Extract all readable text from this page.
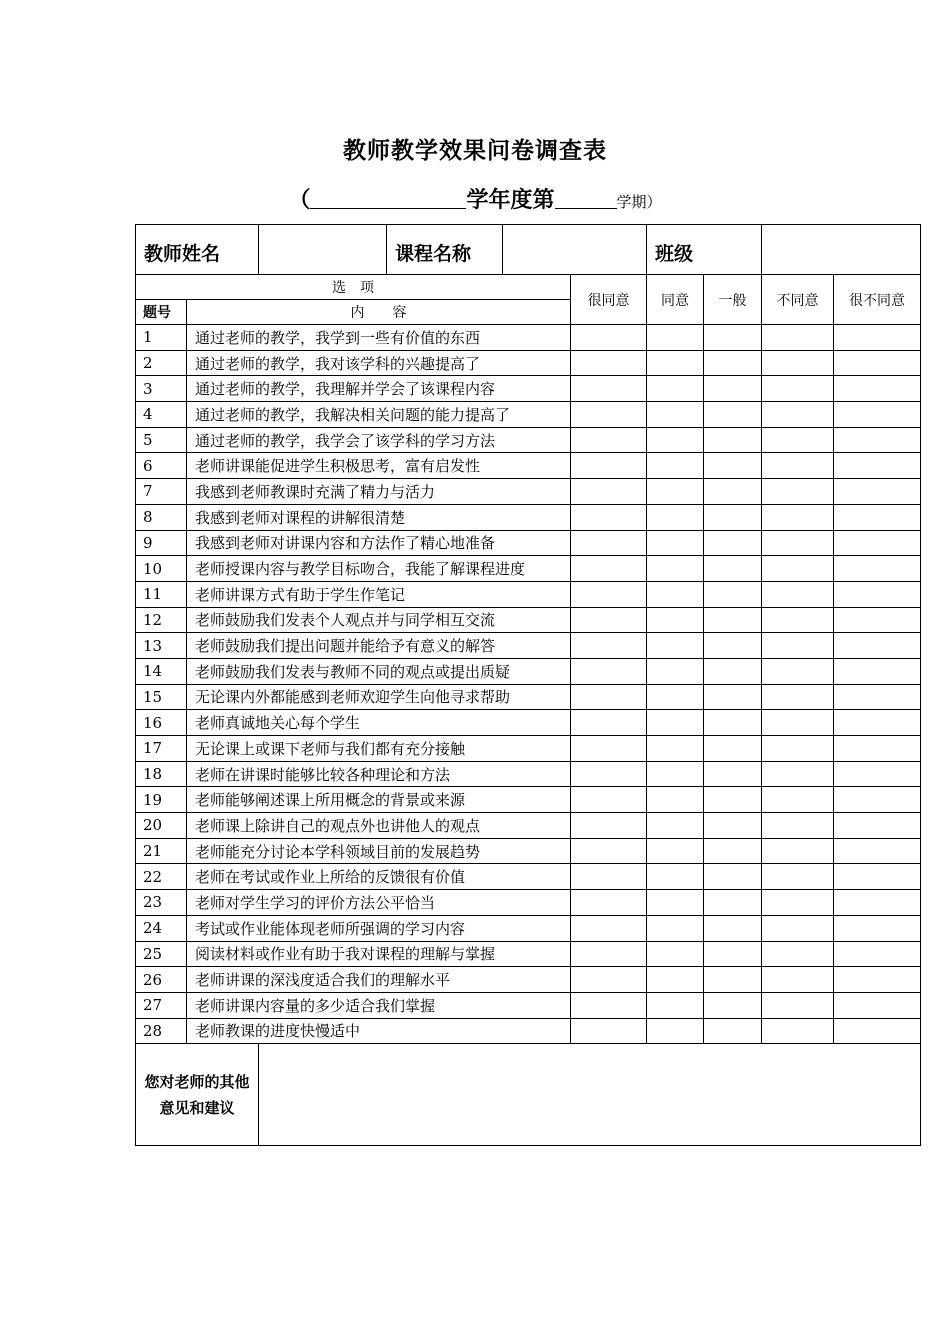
教师教学效果问卷调查表
（	学年度第	学期）
教师姓名			课程名称			班级			
选　项					很同意	同意	一般	不同意	很不同意
题号	内　　容								
1	通过老师的教学，我学到一些有价值的东西								
2	通过老师的教学，我对该学科的兴趣提高了								
3	通过老师的教学，我理解并学会了该课程内容								
4	通过老师的教学，我解决相关问题的能力提高了								
5	通过老师的教学，我学会了该学科的学习方法								
6	老师讲课能促进学生积极思考，富有启发性								
7	我感到老师教课时充满了精力与活力								
8	我感到老师对课程的讲解很清楚								
9	我感到老师对讲课内容和方法作了精心地准备								
10	老师授课内容与教学目标吻合，我能了解课程进度								
11	老师讲课方式有助于学生作笔记								
12	老师鼓励我们发表个人观点并与同学相互交流								
13	老师鼓励我们提出问题并能给予有意义的解答								
14	老师鼓励我们发表与教师不同的观点或提出质疑								
15	无论课内外都能感到老师欢迎学生向他寻求帮助								
16	老师真诚地关心每个学生								
17	无论课上或课下老师与我们都有充分接触								
18	老师在讲课时能够比较各种理论和方法								
19	老师能够阐述课上所用概念的背景或来源								
20	老师课上除讲自己的观点外也讲他人的观点								
21	老师能充分讨论本学科领域目前的发展趋势								
22	老师在考试或作业上所给的反馈很有价值								
23	老师对学生学习的评价方法公平恰当								
24	考试或作业能体现老师所强调的学习内容								
25	阅读材料或作业有助于我对课程的理解与掌握								
26	老师讲课的深浅度适合我们的理解水平								
27	老师讲课内容量的多少适合我们掌握								
28	老师教课的进度快慢适中								
您对老师的其他意见和建议									
